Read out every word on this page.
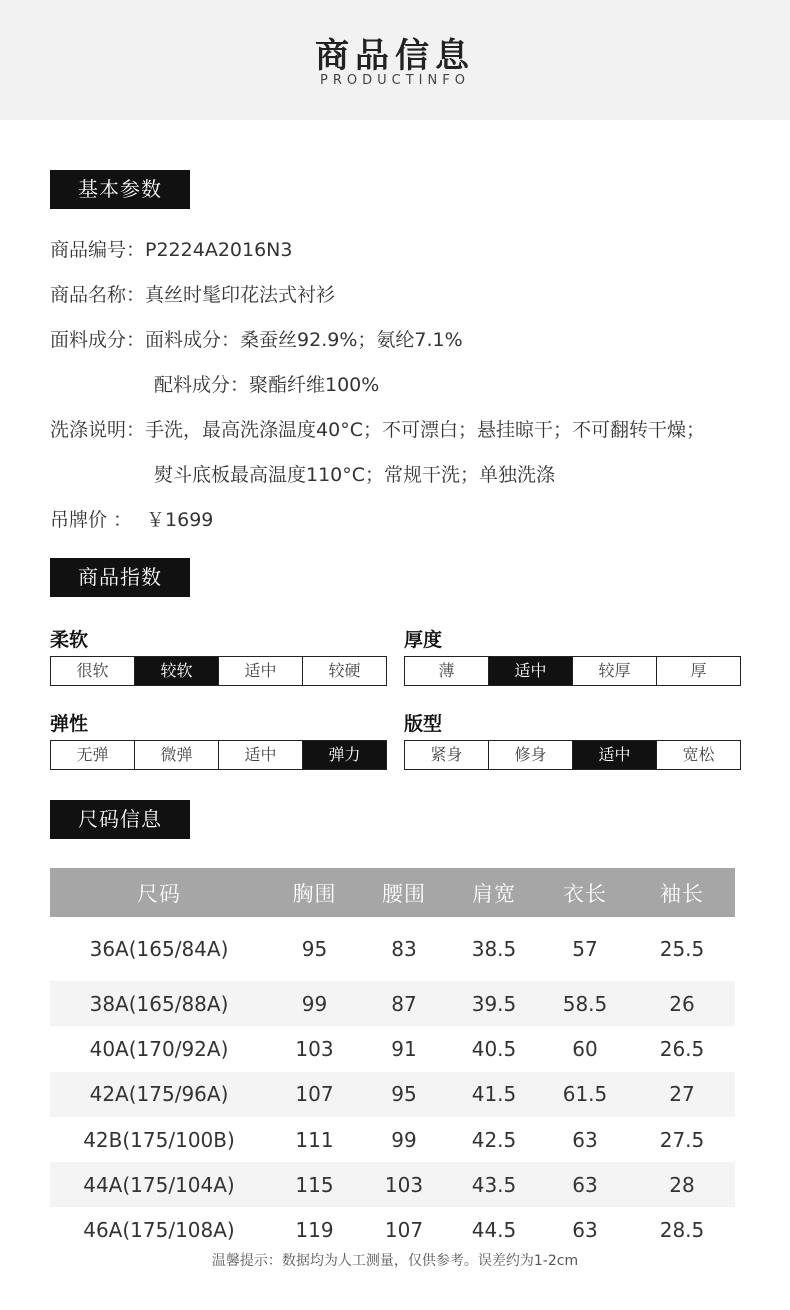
商品信息
PRODUCTINFO
基本参数
商品编号：P2224A2016N3
商品名称：真丝时髦印花法式衬衫
面料成分：面料成分：桑蚕丝92.9%；氨纶7.1%
配料成分：聚酯纤维100%
洗涤说明：手洗，最高洗涤温度40°C；不可漂白；悬挂晾干；不可翻转干燥；
熨斗底板最高温度110°C；常规干洗；单独洗涤
吊牌价 ： ￥1699
商品指数
柔软
很软	较软	适中	较硬
厚度
薄	适中	较厚	厚
弹性
无弹	微弹	适中	弹力
版型
紧身	修身	适中	宽松
尺码信息
尺码	胸围	腰围	肩宽	衣长	袖长
36A(165/84A)	95	83	38.5	57	25.5
38A(165/88A)	99	87	39.5	58.5	26
40A(170/92A)	103	91	40.5	60	26.5
42A(175/96A)	107	95	41.5	61.5	27
42B(175/100B)	111	99	42.5	63	27.5
44A(175/104A)	115	103	43.5	63	28
46A(175/108A)	119	107	44.5	63	28.5
温馨提示：数据均为人工测量，仅供参考。误差约为1-2cm
